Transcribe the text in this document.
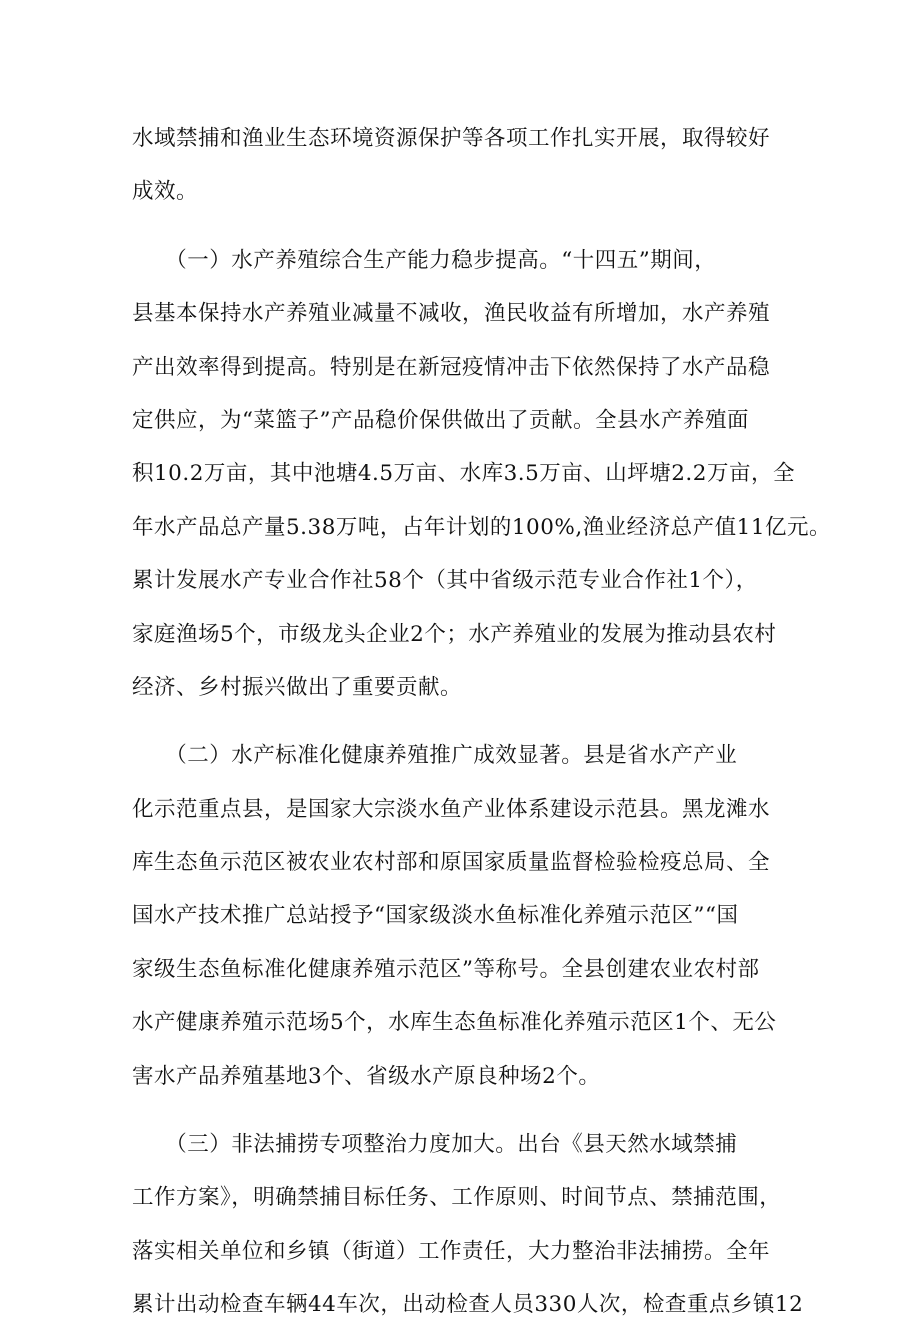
水域禁捕和渔业生态环境资源保护等各项工作扎实开展，取得较好
成效。
　　（一）水产养殖综合生产能力稳步提高。“十四五”期间，
县基本保持水产养殖业减量不减收，渔民收益有所增加，水产养殖
产出效率得到提高。特别是在新冠疫情冲击下依然保持了水产品稳
定供应，为“菜篮子”产品稳价保供做出了贡献。全县水产养殖面
积10.2万亩，其中池塘4.5万亩、水库3.5万亩、山坪塘2.2万亩，全
年水产品总产量5.38万吨，占年计划的100%,渔业经济总产值11亿元。
累计发展水产专业合作社58个（其中省级示范专业合作社1个），
家庭渔场5个，市级龙头企业2个；水产养殖业的发展为推动县农村
经济、乡村振兴做出了重要贡献。
　　（二）水产标准化健康养殖推广成效显著。县是省水产产业
化示范重点县，是国家大宗淡水鱼产业体系建设示范县。黑龙滩水
库生态鱼示范区被农业农村部和原国家质量监督检验检疫总局、全
国水产技术推广总站授予“国家级淡水鱼标准化养殖示范区”“国
家级生态鱼标准化健康养殖示范区”等称号。全县创建农业农村部
水产健康养殖示范场5个，水库生态鱼标准化养殖示范区1个、无公
害水产品养殖基地3个、省级水产原良种场2个。
　　（三）非法捕捞专项整治力度加大。出台《县天然水域禁捕
工作方案》，明确禁捕目标任务、工作原则、时间节点、禁捕范围，
落实相关单位和乡镇（街道）工作责任，大力整治非法捕捞。全年
累计出动检查车辆44车次，出动检查人员330人次，检查重点乡镇12
